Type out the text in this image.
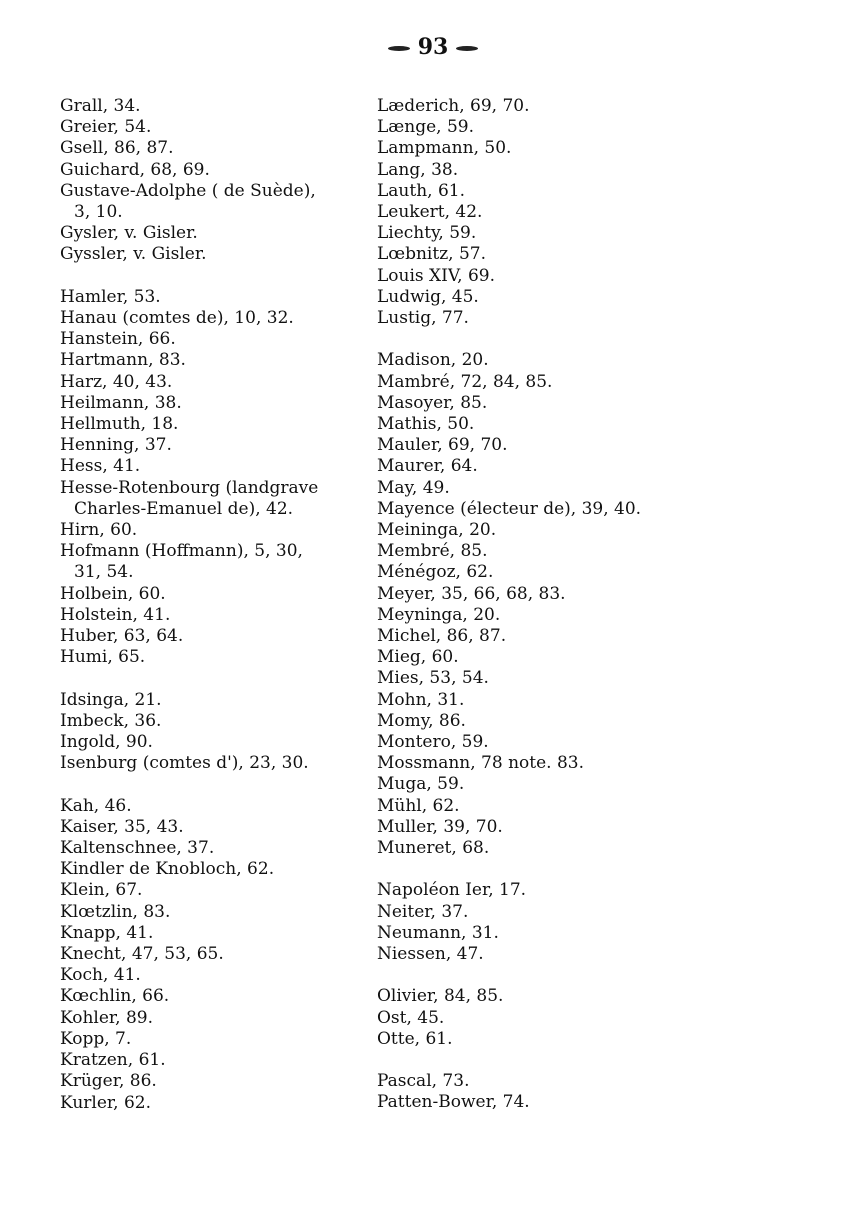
93
Grall, 34.
Greier, 54.
Gsell, 86, 87.
Guichard, 68, 69.
Gustave-Adolphe ( de Suède),
3, 10.
Gysler, v. Gisler.
Gyssler, v. Gisler.
Hamler, 53.
Hanau (comtes de), 10, 32.
Hanstein, 66.
Hartmann, 83.
Harz, 40, 43.
Heilmann, 38.
Hellmuth, 18.
Henning, 37.
Hess, 41.
Hesse-Rotenbourg (landgrave
Charles-Emanuel de), 42.
Hirn, 60.
Hofmann (Hoffmann), 5, 30,
31, 54.
Holbein, 60.
Holstein, 41.
Huber, 63, 64.
Humi, 65.
Idsinga, 21.
Imbeck, 36.
Ingold, 90.
Isenburg (comtes d'), 23, 30.
Kah, 46.
Kaiser, 35, 43.
Kaltenschnee, 37.
Kindler de Knobloch, 62.
Klein, 67.
Klœtzlin, 83.
Knapp, 41.
Knecht, 47, 53, 65.
Koch, 41.
Kœchlin, 66.
Kohler, 89.
Kopp, 7.
Kratzen, 61.
Krüger, 86.
Kurler, 62.
Læderich, 69, 70.
Længe, 59.
Lampmann, 50.
Lang, 38.
Lauth, 61.
Leukert, 42.
Liechty, 59.
Lœbnitz, 57.
Louis XIV, 69.
Ludwig, 45.
Lustig, 77.
Madison, 20.
Mambré, 72, 84, 85.
Masoyer, 85.
Mathis, 50.
Mauler, 69, 70.
Maurer, 64.
May, 49.
Mayence (électeur de), 39, 40.
Meininga, 20.
Membré, 85.
Ménégoz, 62.
Meyer, 35, 66, 68, 83.
Meyninga, 20.
Michel, 86, 87.
Mieg, 60.
Mies, 53, 54.
Mohn, 31.
Momy, 86.
Montero, 59.
Mossmann, 78 note. 83.
Muga, 59.
Mühl, 62.
Muller, 39, 70.
Muneret, 68.
Napoléon Ier, 17.
Neiter, 37.
Neumann, 31.
Niessen, 47.
Olivier, 84, 85.
Ost, 45.
Otte, 61.
Pascal, 73.
Patten-Bower, 74.
